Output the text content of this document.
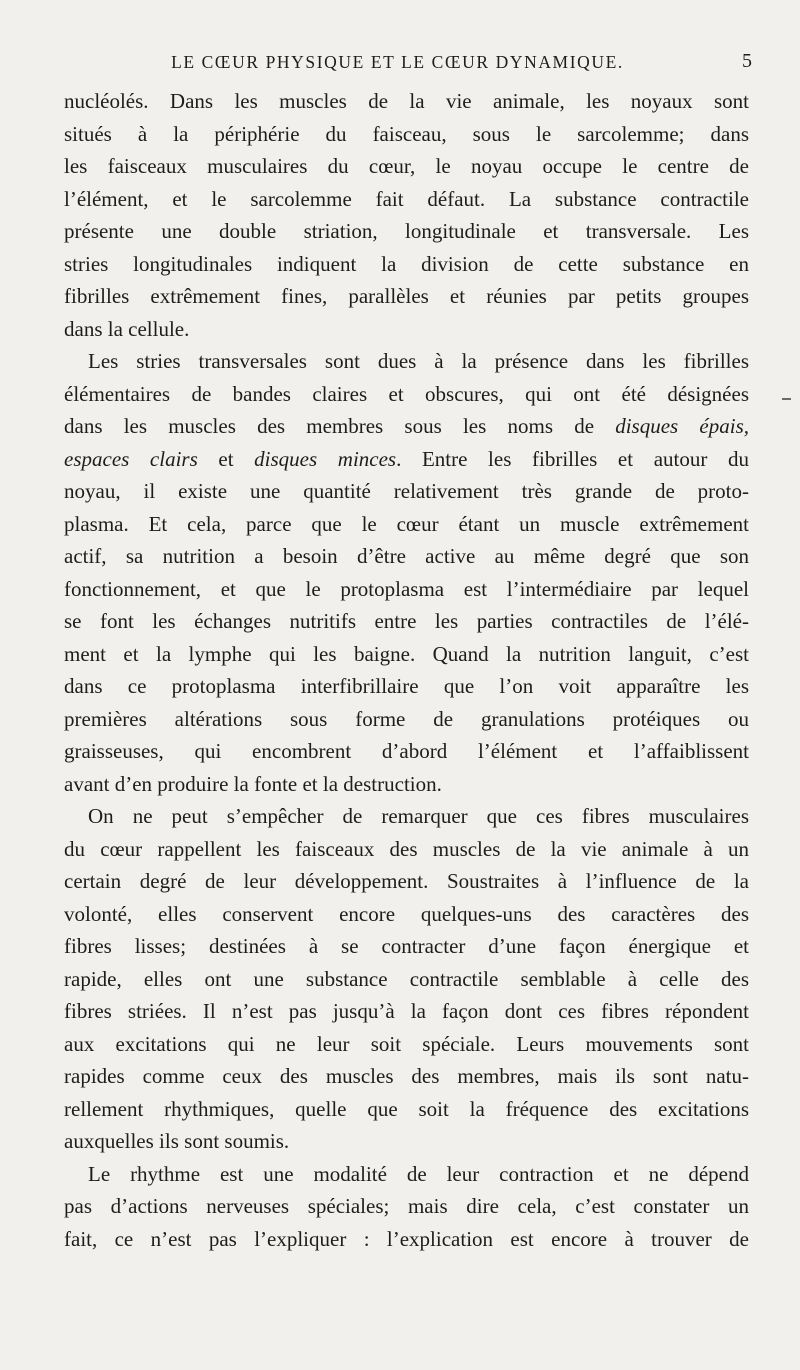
LE CŒUR PHYSIQUE ET LE CŒUR DYNAMIQUE.	5
nucléolés. Dans les muscles de la vie animale, les noyaux sont
situés à la périphérie du faisceau, sous le sarcolemme; dans
les faisceaux musculaires du cœur, le noyau occupe le centre de
l’élément, et le sarcolemme fait défaut. La substance contractile
présente une double striation, longitudinale et transversale. Les
stries longitudinales indiquent la division de cette substance en
fibrilles extrêmement fines, parallèles et réunies par petits groupes
dans la cellule.
Les stries transversales sont dues à la présence dans les fibrilles
élémentaires de bandes claires et obscures, qui ont été désignées
dans les muscles des membres sous les noms de disques épais,
espaces clairs et disques minces. Entre les fibrilles et autour du
noyau, il existe une quantité relativement très grande de proto-
plasma. Et cela, parce que le cœur étant un muscle extrêmement
actif, sa nutrition a besoin d’être active au même degré que son
fonctionnement, et que le protoplasma est l’intermédiaire par lequel
se font les échanges nutritifs entre les parties contractiles de l’élé-
ment et la lymphe qui les baigne. Quand la nutrition languit, c’est
dans ce protoplasma interfibrillaire que l’on voit apparaître les
premières altérations sous forme de granulations protéiques ou
graisseuses, qui encombrent d’abord l’élément et l’affaiblissent
avant d’en produire la fonte et la destruction.
On ne peut s’empêcher de remarquer que ces fibres musculaires
du cœur rappellent les faisceaux des muscles de la vie animale à un
certain degré de leur développement. Soustraites à l’influence de la
volonté, elles conservent encore quelques-uns des caractères des
fibres lisses; destinées à se contracter d’une façon énergique et
rapide, elles ont une substance contractile semblable à celle des
fibres striées. Il n’est pas jusqu’à la façon dont ces fibres répondent
aux excitations qui ne leur soit spéciale. Leurs mouvements sont
rapides comme ceux des muscles des membres, mais ils sont natu-
rellement rhythmiques, quelle que soit la fréquence des excitations
auxquelles ils sont soumis.
Le rhythme est une modalité de leur contraction et ne dépend
pas d’actions nerveuses spéciales; mais dire cela, c’est constater un
fait, ce n’est pas l’expliquer : l’explication est encore à trouver de
